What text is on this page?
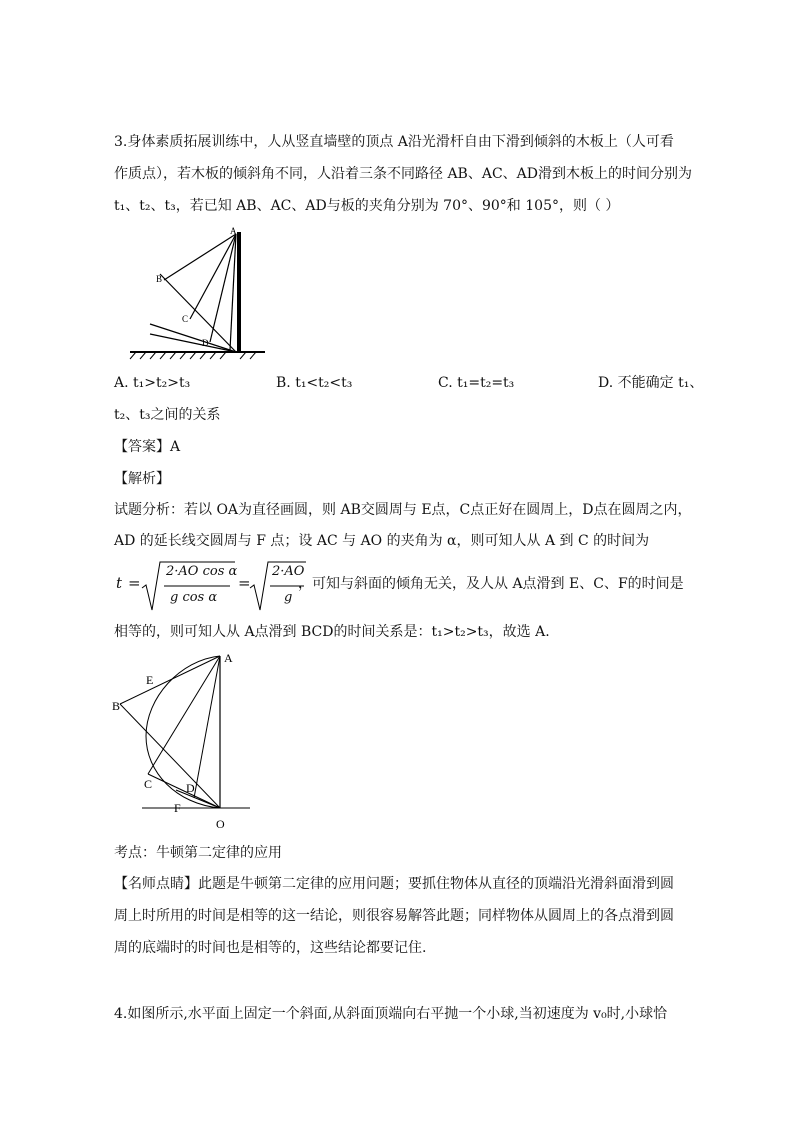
3.身体素质拓展训练中，人从竖直墙壁的顶点 A沿光滑杆自由下滑到倾斜的木板上（人可看
作质点），若木板的倾斜角不同，人沿着三条不同路径 AB、AC、AD滑到木板上的时间分别为
t₁、t₂、t₃，若已知 AB、AC、AD与板的夹角分别为 70°、90°和 105°，则（ ）
A
B
C
D
A. t₁>t₂>t₃	B. t₁<t₂<t₃	C. t₁=t₂=t₃	D. 不能确定 t₁、
t₂、t₃之间的关系
【答案】A
【解析】
试题分析：若以 OA为直径画圆，则 AB交圆周与 E点，C点正好在圆周上，D点在圆周之内，
AD 的延长线交圆周与 F 点；设 AC 与 AO 的夹角为 α，则可知人从 A 到 C 的时间为
t =
2·AO cos α
g cos α
=
2·AO
g
，可知与斜面的倾角无关，及人从 A点滑到 E、C、F的时间是
相等的，则可知人从 A点滑到 BCD的时间关系是：t₁>t₂>t₃，故选 A.
A
B
C	D
E
F
O
考点：牛顿第二定律的应用
【名师点睛】此题是牛顿第二定律的应用问题；要抓住物体从直径的顶端沿光滑斜面滑到圆
周上时所用的时间是相等的这一结论，则很容易解答此题；同样物体从圆周上的各点滑到圆
周的底端时的时间也是相等的，这些结论都要记住.
4.如图所示,水平面上固定一个斜面,从斜面顶端向右平抛一个小球,当初速度为 v₀时,小球恰
